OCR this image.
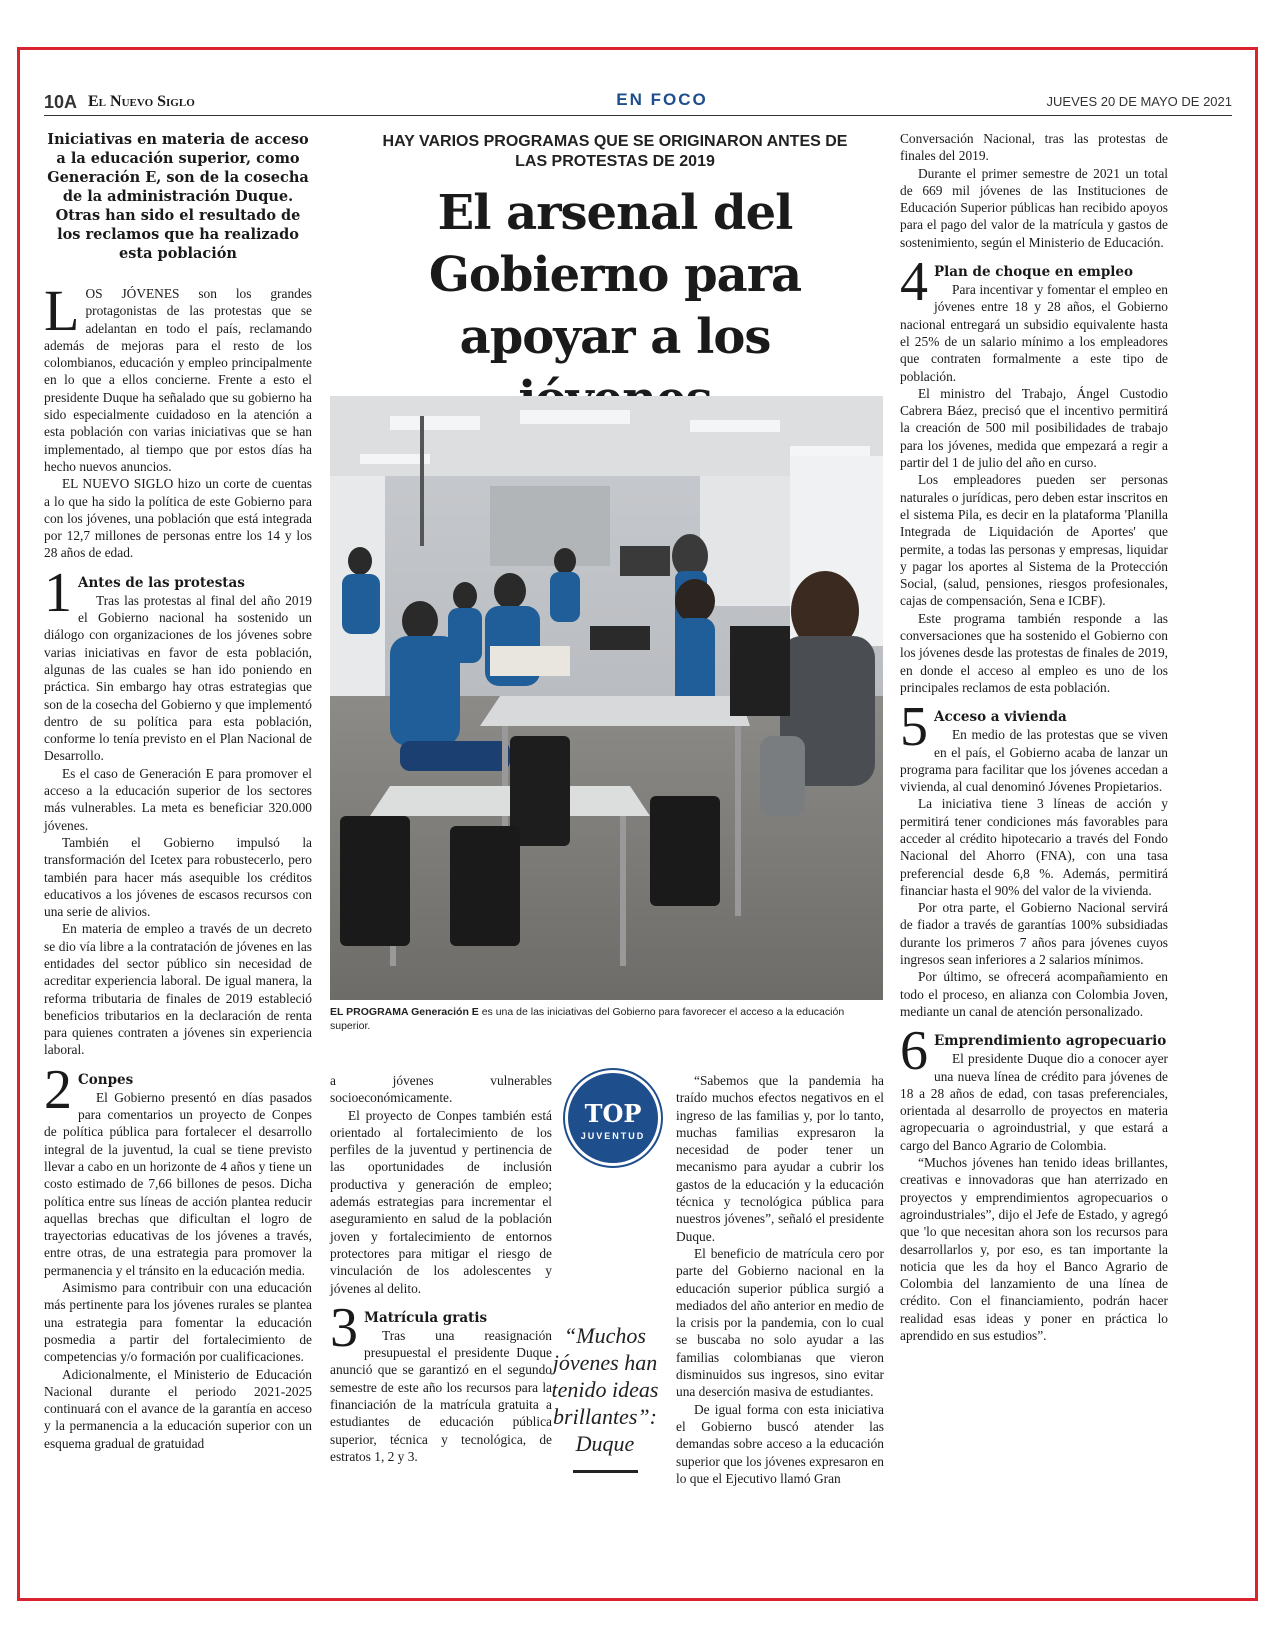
10A El Nuevo Siglo	EN FOCO	JUEVES 20 DE MAYO DE 2021

Iniciativas en materia de acceso a la educación superior, como Generación E, son de la cosecha de la administración Duque. Otras han sido el resultado de los reclamos que ha realizado esta población

LOS JÓVENES son los grandes protagonistas de las protestas que se adelantan en todo el país, reclamando además de mejoras para el resto de los colombianos, educación y empleo principalmente en lo que a ellos concierne. Frente a esto el presidente Duque ha señalado que su gobierno ha sido especialmente cuidadoso en la atención a esta población con varias iniciativas que se han implementado, al tiempo que por estos días ha hecho nuevos anuncios.

EL NUEVO SIGLO hizo un corte de cuentas a lo que ha sido la política de este Gobierno para con los jóvenes, una población que está integrada por 12,7 millones de personas entre los 14 y los 28 años de edad.

1 Antes de las protestas

Tras las protestas al final del año 2019 el Gobierno nacional ha sostenido un diálogo con organizaciones de los jóvenes sobre varias iniciativas en favor de esta población, algunas de las cuales se han ido poniendo en práctica. Sin embargo hay otras estrategias que son de la cosecha del Gobierno y que implementó dentro de su política para esta población, conforme lo tenía previsto en el Plan Nacional de Desarrollo.

Es el caso de Generación E para promover el acceso a la educación superior de los sectores más vulnerables. La meta es beneficiar 320.000 jóvenes.

También el Gobierno impulsó la transformación del Icetex para robustecerlo, pero también para hacer más asequible los créditos educativos a los jóvenes de escasos recursos con una serie de alivios.

En materia de empleo a través de un decreto se dio vía libre a la contratación de jóvenes en las entidades del sector público sin necesidad de acreditar experiencia laboral. De igual manera, la reforma tributaria de finales de 2019 estableció beneficios tributarios en la declaración de renta para quienes contraten a jóvenes sin experiencia laboral.

2 Conpes

El Gobierno presentó en días pasados para comentarios un proyecto de Conpes de política pública para fortalecer el desarrollo integral de la juventud, la cual se tiene previsto llevar a cabo en un horizonte de 4 años y tiene un costo estimado de 7,66 billones de pesos. Dicha política entre sus líneas de acción plantea reducir aquellas brechas que dificultan el logro de trayectorias educativas de los jóvenes a través, entre otras, de una estrategia para promover la permanencia y el tránsito en la educación media.

Asimismo para contribuir con una educación más pertinente para los jóvenes rurales se plantea una estrategia para fomentar la educación posmedia a partir del fortalecimiento de competencias y/o formación por cualificaciones.

Adicionalmente, el Ministerio de Educación Nacional durante el periodo 2021-2025 continuará con el avance de la garantía en acceso y la permanencia a la educación superior con un esquema gradual de gratuidad

HAY VARIOS PROGRAMAS QUE SE ORIGINARON ANTES DE LAS PROTESTAS DE 2019
El arsenal del Gobierno para apoyar a los

EL PROGRAMA Generación E es una de las iniciativas del Gobierno para favorecer el acceso a la educación superior.

a jóvenes vulnerables socioeconómicamente.

El proyecto de Conpes también está orientado al fortalecimiento de los perfiles de la juventud y pertinencia de las oportunidades de inclusión productiva y generación de empleo; además estrategias para incrementar el aseguramiento en salud de la población joven y fortalecimiento de entornos protectores para mitigar el riesgo de vinculación de los adolescentes y jóvenes al delito.

3 Matrícula gratis

Tras una reasignación presupuestal el presidente Duque anunció que se garantizó en el segundo semestre de este año los recursos para la financiación de la matrícula gratuita a estudiantes de educación pública superior, técnica y tecnológica, de estratos 1, 2 y 3.

TOP
JUVENTUD
“Muchos jóvenes han tenido ideas brillantes”: Duque

“Sabemos que la pandemia ha traído muchos efectos negativos en el ingreso de las familias y, por lo tanto, muchas familias expresaron la necesidad de poder tener un mecanismo para ayudar a cubrir los gastos de la educación y la educación técnica y tecnológica pública para nuestros jóvenes”, señaló el presidente Duque.

El beneficio de matrícula cero por parte del Gobierno nacional en la educación superior pública surgió a mediados del año anterior en medio de la crisis por la pandemia, con lo cual se buscaba no solo ayudar a las familias colombianas que vieron disminuidos sus ingresos, sino evitar una deserción masiva de estudiantes.

De igual forma con esta iniciativa el Gobierno buscó atender las demandas sobre acceso a la educación superior que los jóvenes expresaron en lo que el Ejecutivo llamó Gran

Conversación Nacional, tras las protestas de finales del 2019.

Durante el primer semestre de 2021 un total de 669 mil jóvenes de las Instituciones de Educación Superior públicas han recibido apoyos para el pago del valor de la matrícula y gastos de sostenimiento, según el Ministerio de Educación.

4 Plan de choque en empleo

Para incentivar y fomentar el empleo en jóvenes entre 18 y 28 años, el Gobierno nacional entregará un subsidio equivalente hasta el 25% de un salario mínimo a los empleadores que contraten formalmente a este tipo de población.

El ministro del Trabajo, Ángel Custodio Cabrera Báez, precisó que el incentivo permitirá la creación de 500 mil posibilidades de trabajo para los jóvenes, medida que empezará a regir a partir del 1 de julio del año en curso.

Los empleadores pueden ser personas naturales o jurídicas, pero deben estar inscritos en el sistema Pila, es decir en la plataforma 'Planilla Integrada de Liquidación de Aportes' que permite, a todas las personas y empresas, liquidar y pagar los aportes al Sistema de la Protección Social, (salud, pensiones, riesgos profesionales, cajas de compensación, Sena e ICBF).

Este programa también responde a las conversaciones que ha sostenido el Gobierno con los jóvenes desde las protestas de finales de 2019, en donde el acceso al empleo es uno de los principales reclamos de esta población.

5 Acceso a vivienda

En medio de las protestas que se viven en el país, el Gobierno acaba de lanzar un programa para facilitar que los jóvenes accedan a vivienda, al cual denominó Jóvenes Propietarios.

La iniciativa tiene 3 líneas de acción y permitirá tener condiciones más favorables para acceder al crédito hipotecario a través del Fondo Nacional del Ahorro (FNA), con una tasa preferencial desde 6,8 %. Además, permitirá financiar hasta el 90% del valor de la vivienda.

Por otra parte, el Gobierno Nacional servirá de fiador a través de garantías 100% subsidiadas durante los primeros 7 años para jóvenes cuyos ingresos sean inferiores a 2 salarios mínimos.

Por último, se ofrecerá acompañamiento en todo el proceso, en alianza con Colombia Joven, mediante un canal de atención personalizado.

6 Emprendimiento agropecuario

El presidente Duque dio a conocer ayer una nueva línea de crédito para jóvenes de 18 a 28 años de edad, con tasas preferenciales, orientada al desarrollo de proyectos en materia agropecuaria o agroindustrial, y que estará a cargo del Banco Agrario de Colombia.

“Muchos jóvenes han tenido ideas brillantes, creativas e innovadoras que han aterrizado en proyectos y emprendimientos agropecuarios o agroindustriales”, dijo el Jefe de Estado, y agregó que 'lo que necesitan ahora son los recursos para desarrollarlos y, por eso, es tan importante la noticia que les da hoy el Banco Agrario de Colombia del lanzamiento de una línea de crédito. Con el financiamiento, podrán hacer realidad esas ideas y poner en práctica lo aprendido en sus estudios”.
